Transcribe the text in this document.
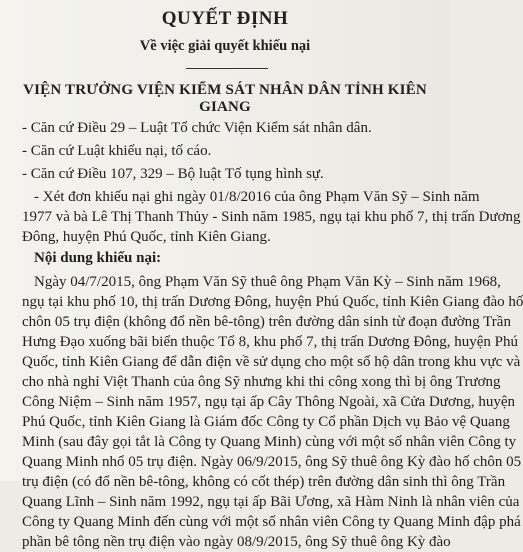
QUYẾT ĐỊNH
Về việc giải quyết khiếu nại
VIỆN TRƯỞNG VIỆN KIỂM SÁT NHÂN DÂN TỈNH KIÊN GIANG
- Căn cứ Điều 29 – Luật Tổ chức Viện Kiểm sát nhân dân.
- Căn cứ Luật khiếu nại, tố cáo.
- Căn cứ Điều 107, 329 – Bộ luật Tố tụng hình sự.
- Xét đơn khiếu nại ghi ngày 01/8/2016 của ông Phạm Văn Sỹ – Sinh năm
1977 và bà Lê Thị Thanh Thủy - Sinh năm 1985, ngụ tại khu phố 7, thị trấn Dương
Đông, huyện Phú Quốc, tỉnh Kiên Giang.
Nội dung khiếu nại:
Ngày 04/7/2015, ông Phạm Văn Sỹ thuê ông Phạm Văn Kỳ – Sinh năm 1968,
ngụ tại khu phố 10, thị trấn Dương Đông, huyện Phú Quốc, tỉnh Kiên Giang đào hố
chôn 05 trụ điện (không đổ nền bê-tông) trên đường dân sinh từ đoạn đường Trần
Hưng Đạo xuống bãi biển thuộc Tổ 8, khu phố 7, thị trấn Dương Đông, huyện Phú
Quốc, tỉnh Kiên Giang để dẫn điện về sử dụng cho một số hộ dân trong khu vực và
cho nhà nghỉ Việt Thanh của ông Sỹ nhưng khi thi công xong thì bị ông Trương
Công Niệm – Sinh năm 1957, ngụ tại ấp Cây Thông Ngoài, xã Cửa Dương, huyện
Phú Quốc, tỉnh Kiên Giang là Giám đốc Công ty Cổ phần Dịch vụ Bảo vệ Quang
Minh (sau đây gọi tắt là Công ty Quang Minh) cùng với một số nhân viên Công ty
Quang Minh nhổ 05 trụ điện. Ngày 06/9/2015, ông Sỹ thuê ông Kỳ đào hố chôn 05
trụ điện (có đổ nền bê-tông, không có cốt thép) trên đường dân sinh thì ông Trần
Quang Lĩnh – Sinh năm 1992, ngụ tại ấp Bãi Ương, xã Hàm Ninh là nhân viên của
Công ty Quang Minh đến cùng với một số nhân viên Công ty Quang Minh đập phá
phần bê tông nền trụ điện vào ngày 08/9/2015, ông Sỹ thuê ông Kỳ đào
